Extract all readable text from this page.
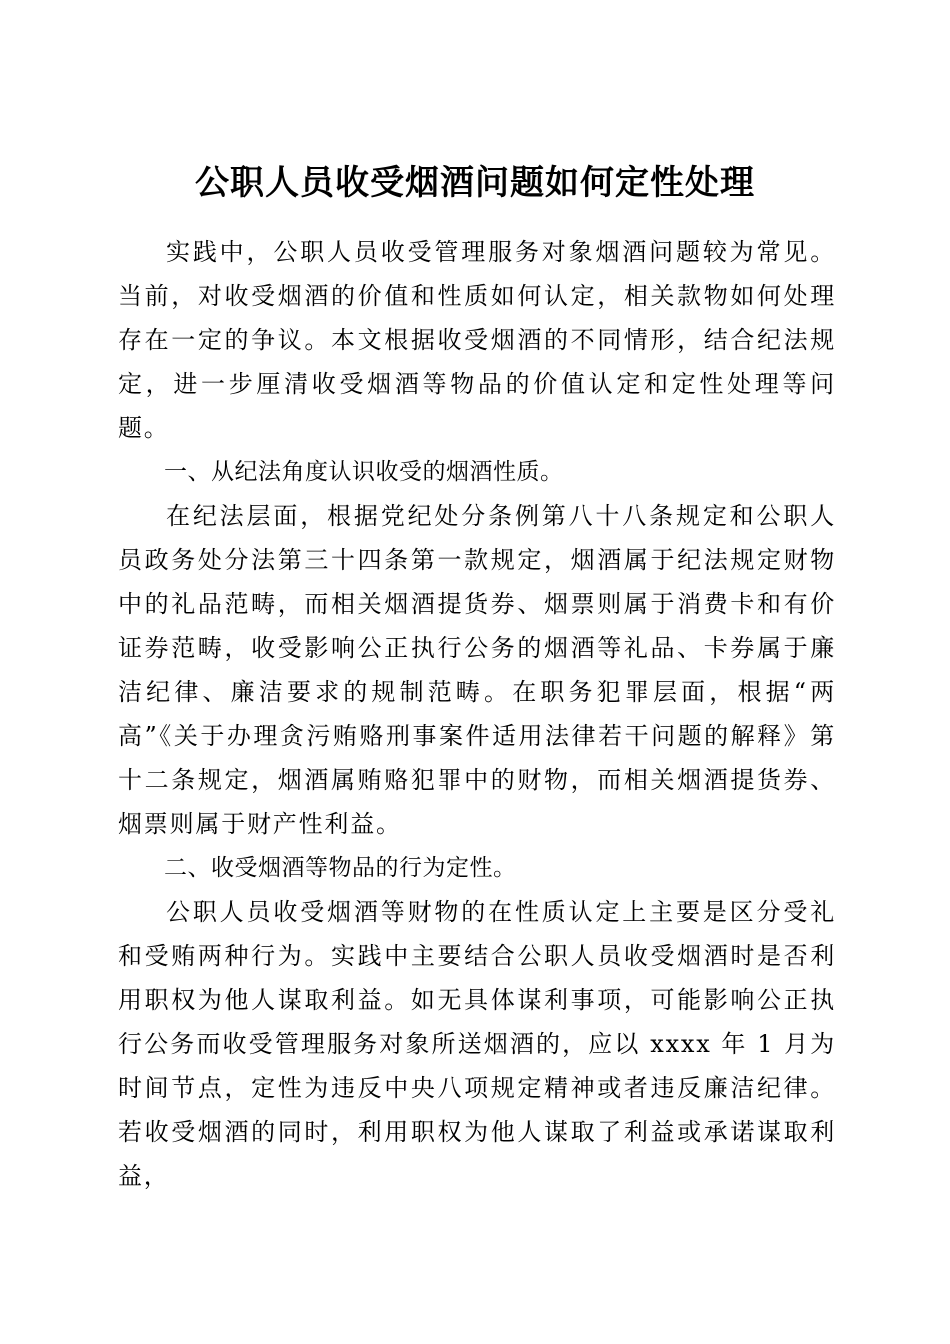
公职人员收受烟酒问题如何定性处理

实践中，公职人员收受管理服务对象烟酒问题较为常见。当前，对收受烟酒的价值和性质如何认定，相关款物如何处理存在一定的争议。本文根据收受烟酒的不同情形，结合纪法规定，进一步厘清收受烟酒等物品的价值认定和定性处理等问题。

一、从纪法角度认识收受的烟酒性质。

在纪法层面，根据党纪处分条例第八十八条规定和公职人员政务处分法第三十四条第一款规定，烟酒属于纪法规定财物中的礼品范畴，而相关烟酒提货券、烟票则属于消费卡和有价证券范畴，收受影响公正执行公务的烟酒等礼品、卡券属于廉洁纪律、廉洁要求的规制范畴。在职务犯罪层面，根据“两高”《关于办理贪污贿赂刑事案件适用法律若干问题的解释》第十二条规定，烟酒属贿赂犯罪中的财物，而相关烟酒提货券、烟票则属于财产性利益。

二、收受烟酒等物品的行为定性。

公职人员收受烟酒等财物的在性质认定上主要是区分受礼和受贿两种行为。实践中主要结合公职人员收受烟酒时是否利用职权为他人谋取利益。如无具体谋利事项，可能影响公正执行公务而收受管理服务对象所送烟酒的，应以 xxxx 年 1 月为时间节点，定性为违反中央八项规定精神或者违反廉洁纪律。若收受烟酒的同时，利用职权为他人谋取了利益或承诺谋取利益，
